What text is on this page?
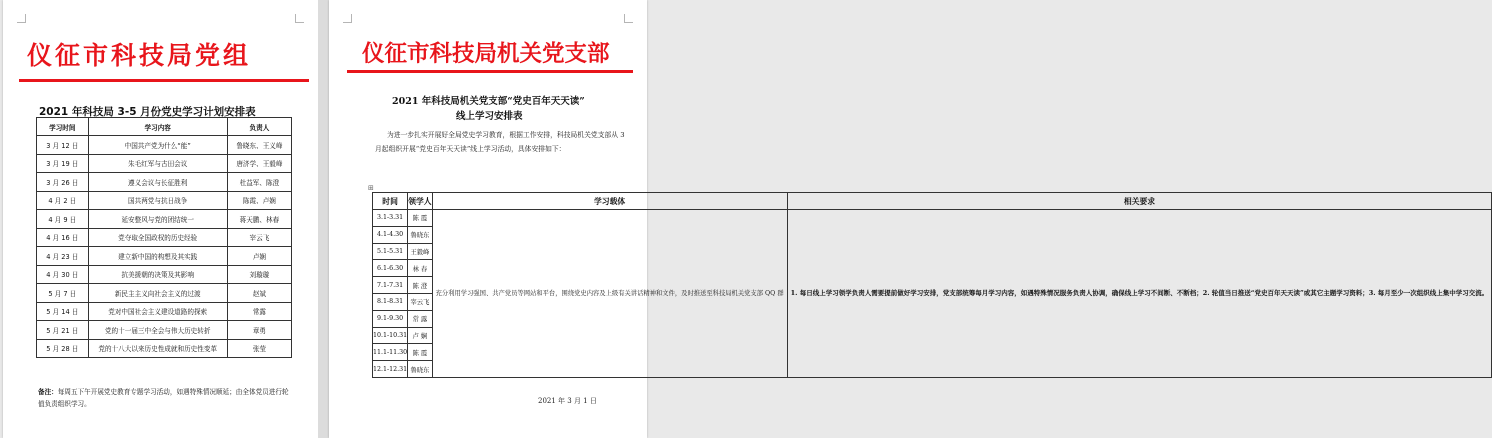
仪征市科技局党组
2021 年科技局 3-5 月份党史学习计划安排表
学习时间	学习内容	负责人
3 月 12 日	中国共产党为什么“能”	鲁晓东、王义峰
3 月 19 日	朱毛红军与古田会议	唐济学、王毅峰
3 月 26 日	遵义会议与长征胜利	杜益军、陈澄
4 月 2 日	国共两党与抗日战争	陈霞、卢娴
4 月 9 日	延安整风与党的团结统一	蒋天鹏、林春
4 月 16 日	党夺取全国政权的历史经验	宰云飞
4 月 23 日	建立新中国的构想及其实践	卢娴
4 月 30 日	抗美援朝的决策及其影响	刘璇璇
5 月 7 日	新民主主义向社会主义的过渡	赵斌
5 月 14 日	党对中国社会主义建设道路的探索	常露
5 月 21 日	党的十一届三中全会与伟大历史转折	章勇
5 月 28 日	党的十八大以来历史性成就和历史性变革	张莹
备注：每周五下午开展党史教育专题学习活动，如遇特殊情况顺延；由全体党员进行轮值负责组织学习。
仪征市科技局机关党支部
2021 年科技局机关党支部“党史百年天天读”
线上学习安排表
为进一步扎实开展好全局党史学习教育，根据工作安排，科技局机关党支部从 3 月起组织开展“党史百年天天读”线上学习活动，具体安排如下：
⊞
时间	领学人	学习载体	相关要求
3.1-3.31	陈 霞	充分利用学习强国、共产党员等网站和平台，围绕党史内容及上级有关讲话精神和文件，及时推送至科技局机关党支部 QQ 群	1. 每日线上学习领学负责人需要提前做好学习安排，党支部统筹每月学习内容，如遇特殊情况服务负责人协调，确保线上学习不间断、不断档；2. 轮值当日推送“党史百年天天读”或其它主题学习资料；3. 每月至少一次组织线上集中学习交流。
4.1-4.30	鲁晓东		
5.1-5.31	王毅峰		
6.1-6.30	林 春		
7.1-7.31	陈 澄		
8.1-8.31	宰云飞		
9.1-9.30	常 露		
10.1-10.31	卢 娴		
11.1-11.30	陈 霞		
12.1-12.31	鲁晓东		
2021 年 3 月 1 日
